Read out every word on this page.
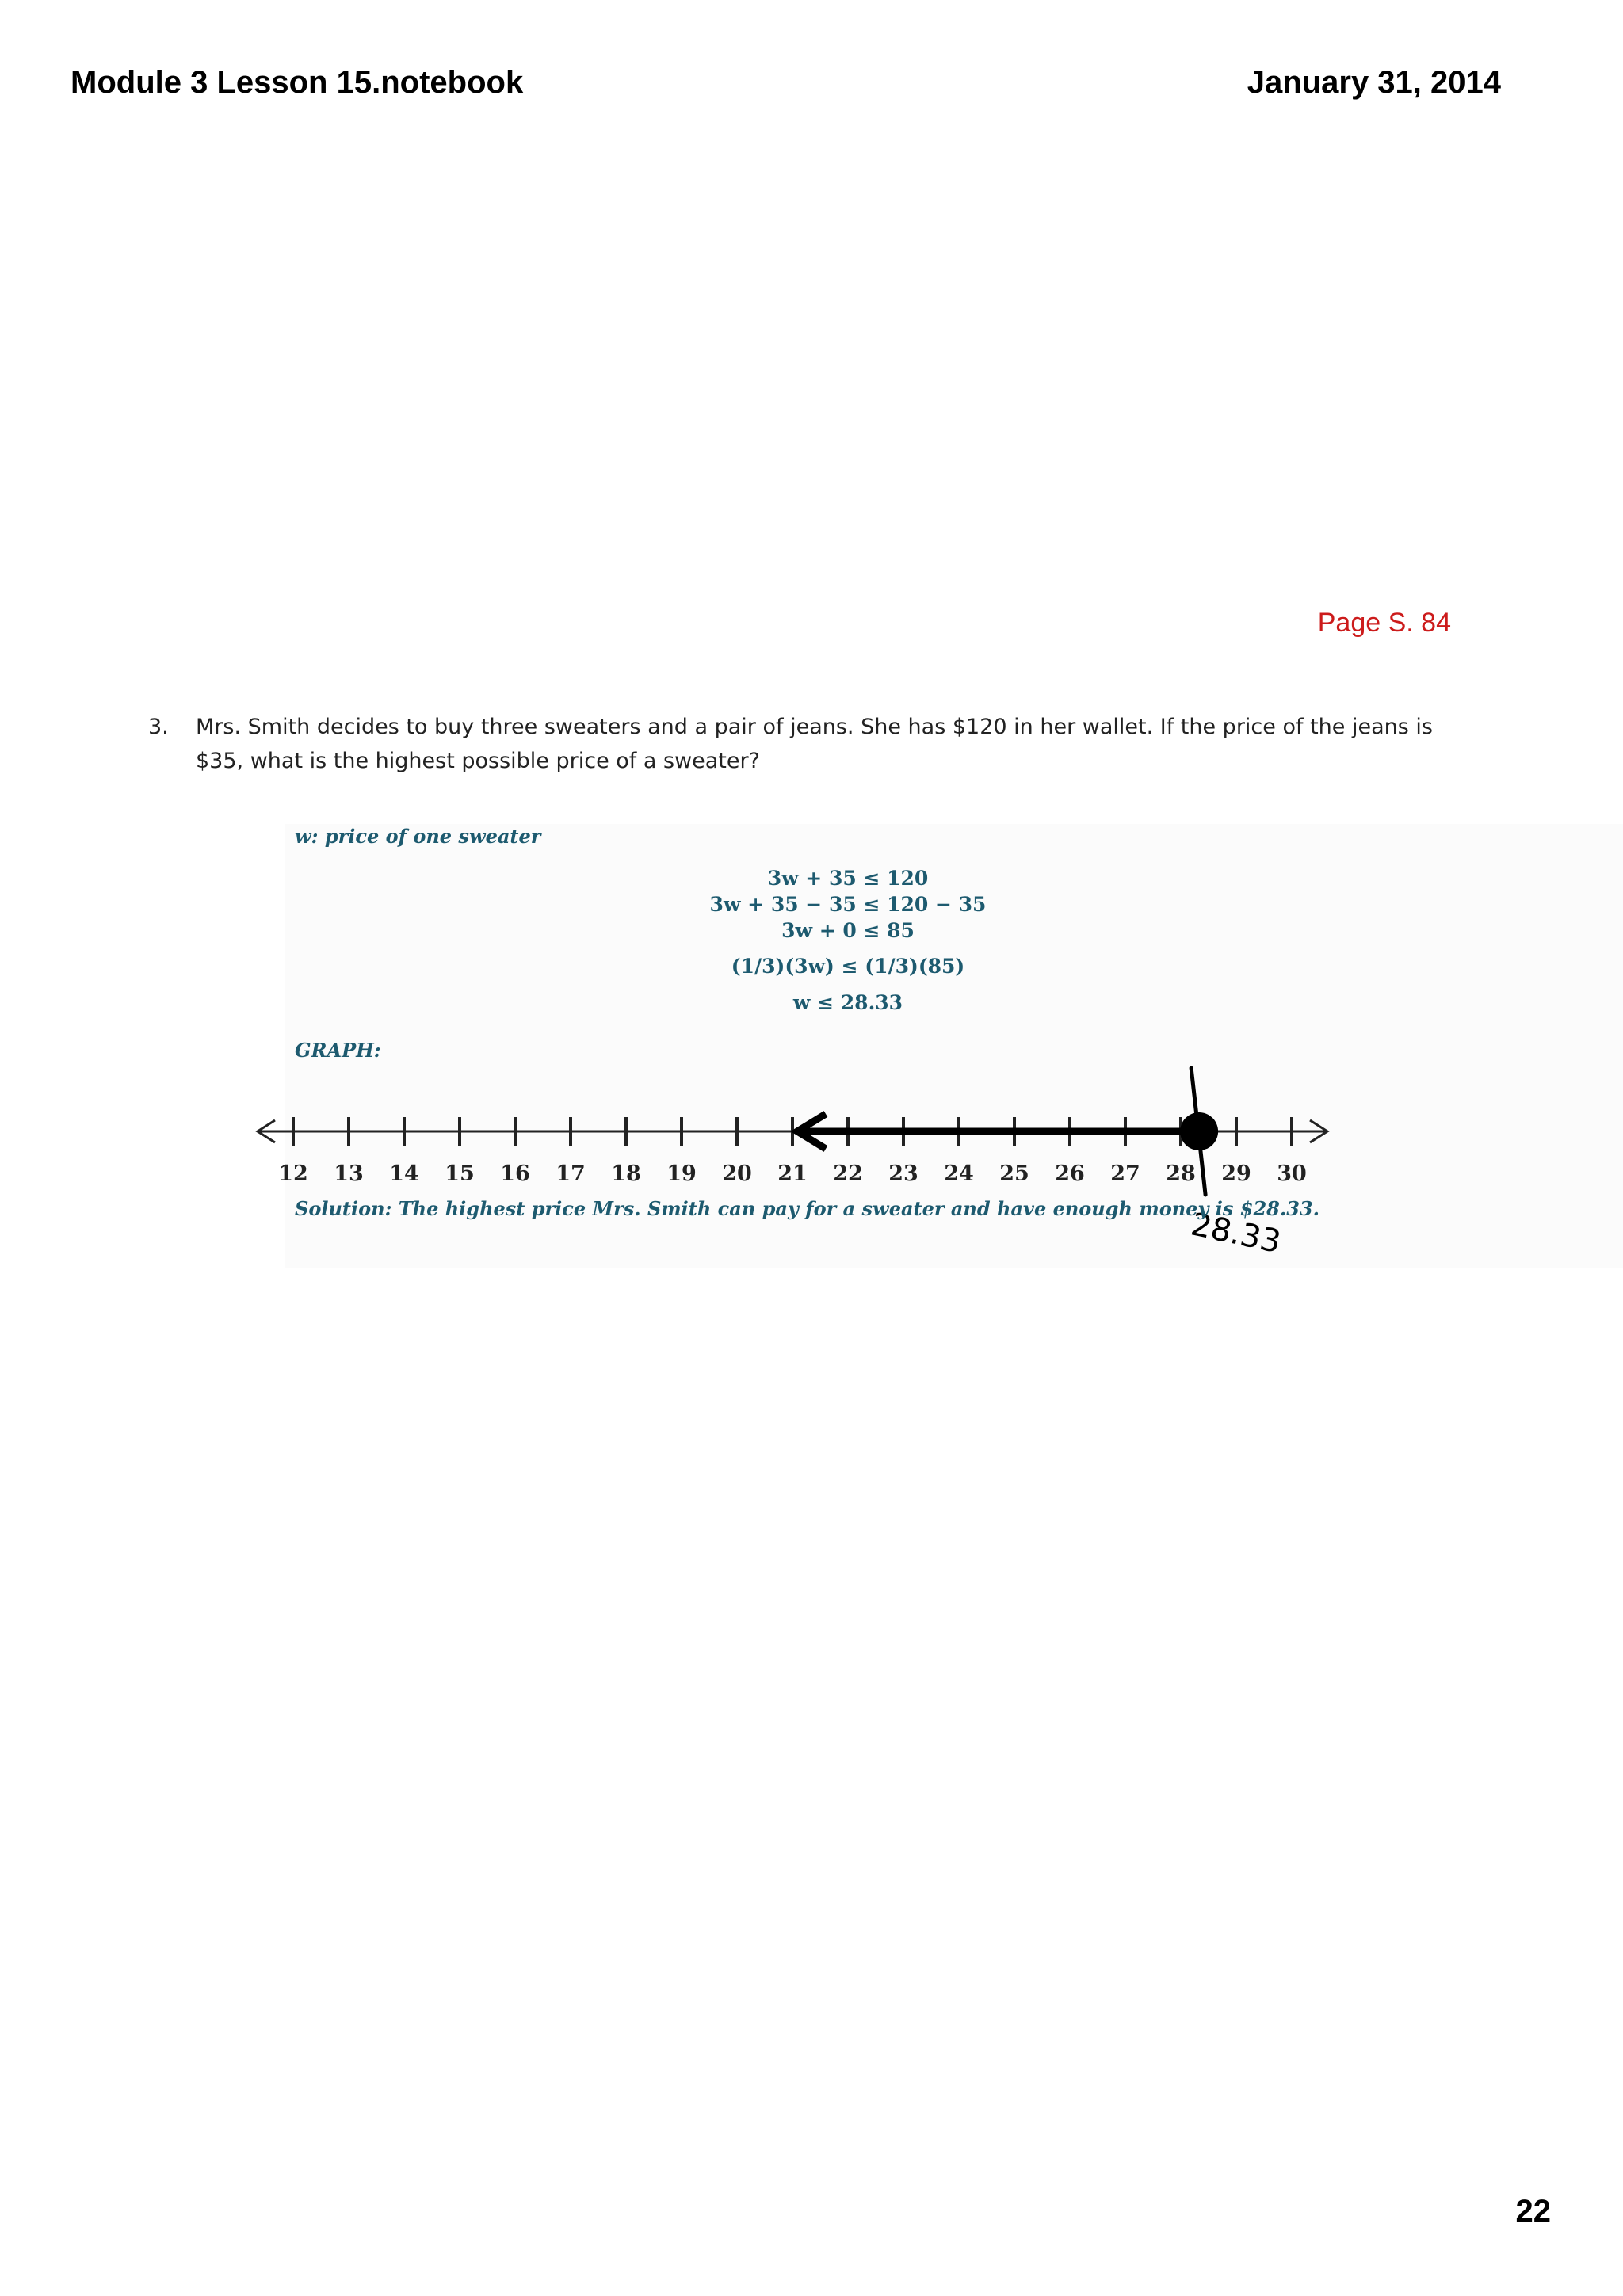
Module 3 Lesson 15.notebook	January 31, 2014
Page S. 84
3. Mrs. Smith decides to buy three sweaters and a pair of jeans. She has $120 in her wallet. If the price of the jeans is
$35, what is the highest possible price of a sweater?
w: price of one sweater
3w + 35 ≤ 120
3w + 35 − 35 ≤ 120 − 35
3w + 0 ≤ 85
(1/3)(3w) ≤ (1/3)(85)
w ≤ 28.33
GRAPH:
12 13 14 15 16 17 18 19 20 21 22 23 24 25 26 27 28 29 30
28.33
Solution: The highest price Mrs. Smith can pay for a sweater and have enough money is $28.33.
22
